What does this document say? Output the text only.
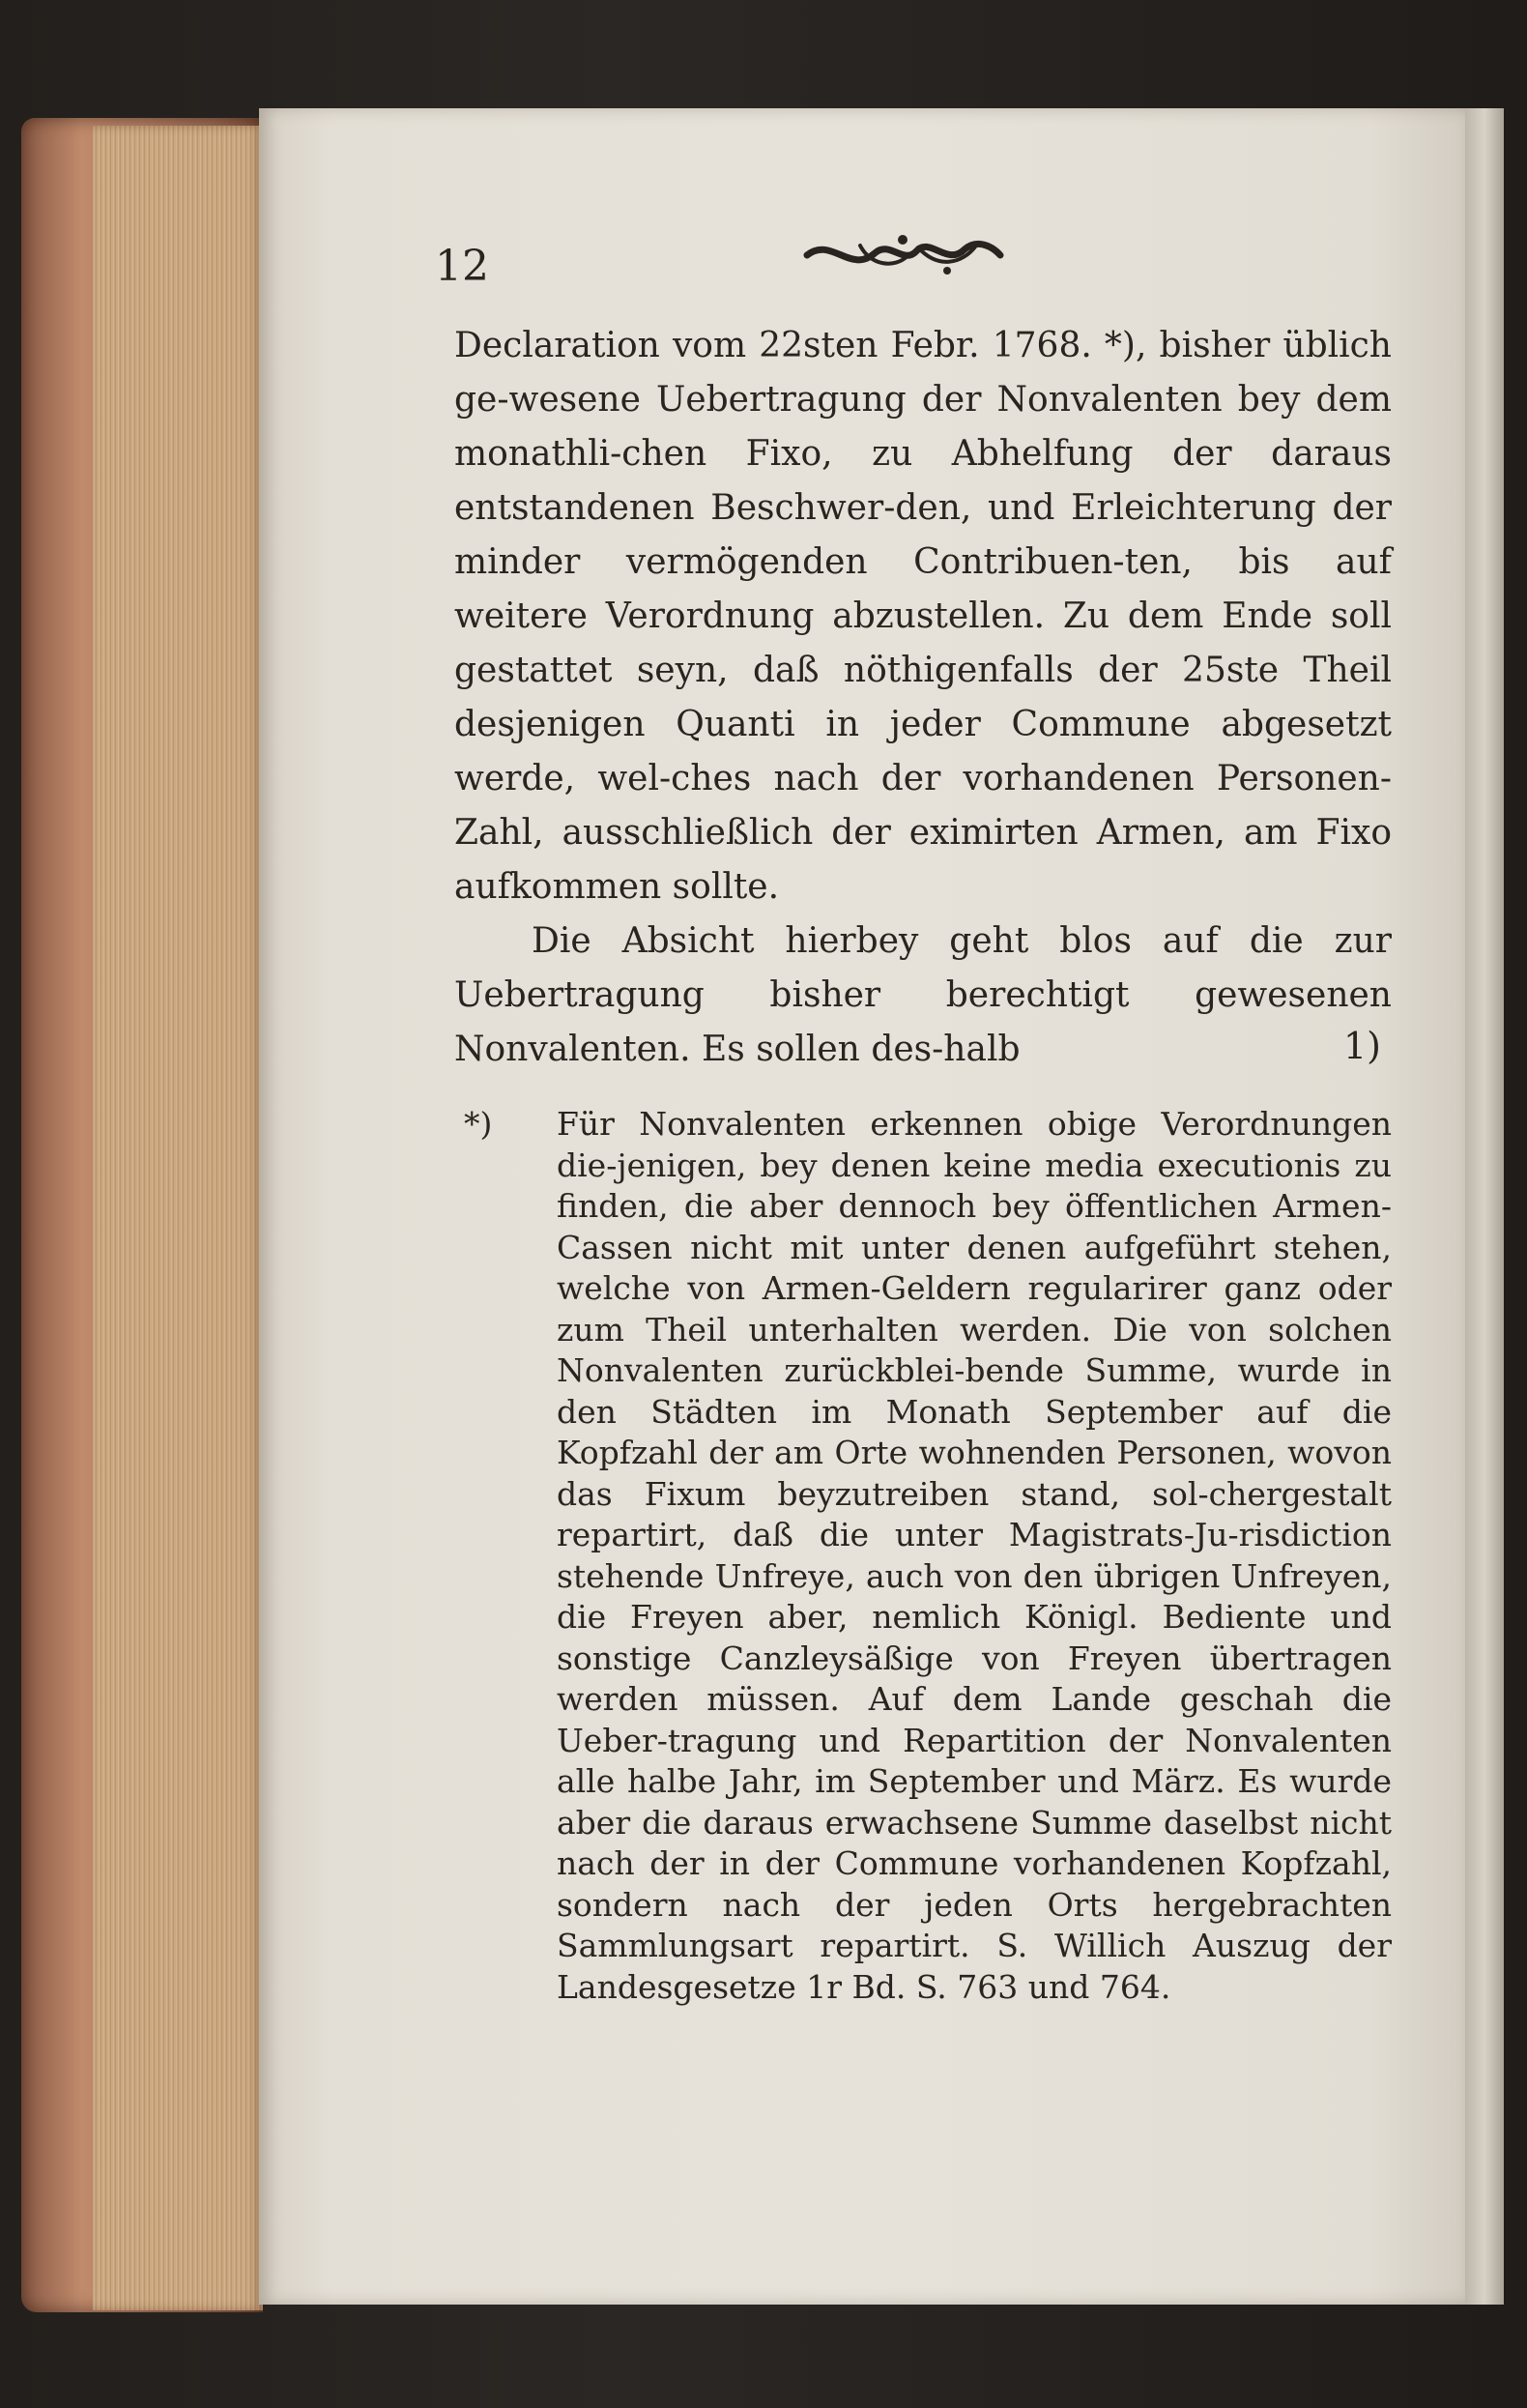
12

Declaration vom 22sten Febr. 1768. *), bisher üblich ge-wesene Uebertragung der Nonvalenten bey dem monathli-chen Fixo, zu Abhelfung der daraus entstandenen Beschwer-den, und Erleichterung der minder vermögenden Contribuen-ten, bis auf weitere Verordnung abzustellen. Zu dem Ende soll gestattet seyn, daß nöthigenfalls der 25ste Theil desjenigen Quanti in jeder Commune abgesetzt werde, wel-ches nach der vorhandenen Personen-Zahl, ausschließlich der eximirten Armen, am Fixo aufkommen sollte.

Die Absicht hierbey geht blos auf die zur Uebertragung bisher berechtigt gewesenen Nonvalenten. Es sollen des-halb	1)
*)	Für Nonvalenten erkennen obige Verordnungen die-jenigen, bey denen keine media executionis zu finden, die aber dennoch bey öffentlichen Armen-Cassen nicht mit unter denen aufgeführt stehen, welche von Armen-Geldern regularirer ganz oder zum Theil unterhalten werden. Die von solchen Nonvalenten zurückblei-bende Summe, wurde in den Städten im Monath September auf die Kopfzahl der am Orte wohnenden Personen, wovon das Fixum beyzutreiben stand, sol-chergestalt repartirt, daß die unter Magistrats-Ju-risdiction stehende Unfreye, auch von den übrigen Unfreyen, die Freyen aber, nemlich Königl. Bediente und sonstige Canzleysäßige von Freyen übertragen werden müssen. Auf dem Lande geschah die Ueber-tragung und Repartition der Nonvalenten alle halbe Jahr, im September und März. Es wurde aber die daraus erwachsene Summe daselbst nicht nach der in der Commune vorhandenen Kopfzahl, sondern nach der jeden Orts hergebrachten Sammlungsart repartirt. S. Willich Auszug der Landesgesetze 1r Bd. S. 763 und 764.
